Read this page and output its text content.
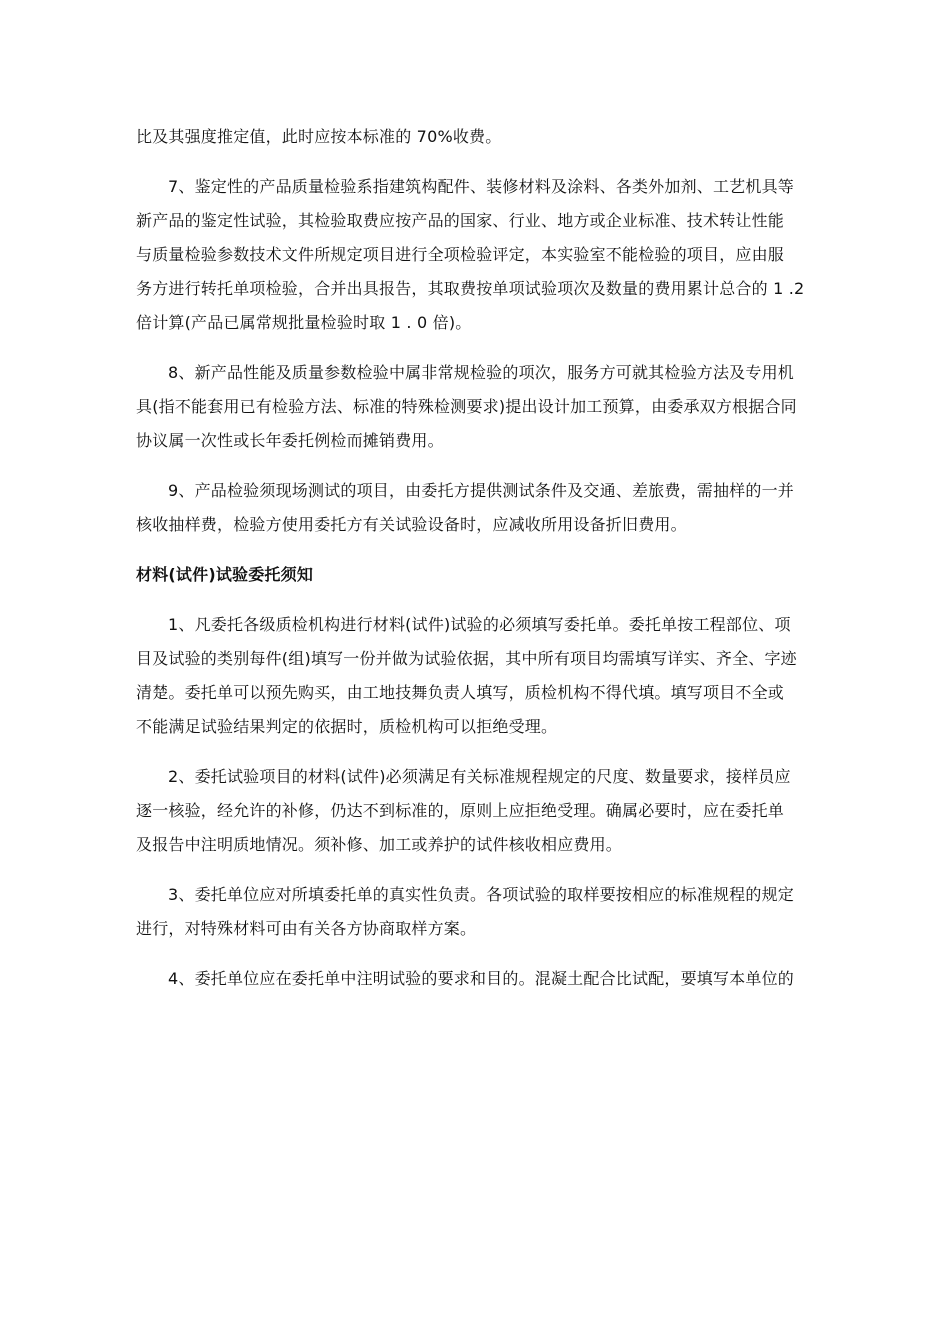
比及其强度推定值，此时应按本标准的 70%收费。
7、鉴定性的产品质量检验系指建筑构配件、装修材料及涂料、各类外加剂、工艺机具等
新产品的鉴定性试验，其检验取费应按产品的国家、行业、地方或企业标准、技术转让性能
与质量检验参数技术文件所规定项目进行全项检验评定，本实验室不能检验的项目，应由服
务方进行转托单项检验，合并出具报告，其取费按单项试验项次及数量的费用累计总合的 1 .2
倍计算(产品已属常规批量检验时取 1 . 0 倍)。
8、新产品性能及质量参数检验中属非常规检验的项次，服务方可就其检验方法及专用机
具(指不能套用已有检验方法、标准的特殊检测要求)提出设计加工预算，由委承双方根据合同
协议属一次性或长年委托例检而摊销费用。
9、产品检验须现场测试的项目，由委托方提供测试条件及交通、差旅费，需抽样的一并
核收抽样费，检验方使用委托方有关试验设备时，应减收所用设备折旧费用。
材料(试件)试验委托须知
1、凡委托各级质检机构进行材料(试件)试验的必须填写委托单。委托单按工程部位、项
目及试验的类别每件(组)填写一份并做为试验依据，其中所有项目均需填写详实、齐全、字迹
清楚。委托单可以预先购买，由工地技舞负责人填写，质检机构不得代填。填写项目不全或
不能满足试验结果判定的依据时，质检机构可以拒绝受理。
2、委托试验项目的材料(试件)必须满足有关标准规程规定的尺度、数量要求，接样员应
逐一核验，经允许的补修，仍达不到标准的，原则上应拒绝受理。确属必要时，应在委托单
及报告中注明质地情况。须补修、加工或养护的试件核收相应费用。
3、委托单位应对所填委托单的真实性负责。各项试验的取样要按相应的标准规程的规定
进行，对特殊材料可由有关各方协商取样方案。
4、委托单位应在委托单中注明试验的要求和目的。混凝土配合比试配，要填写本单位的
